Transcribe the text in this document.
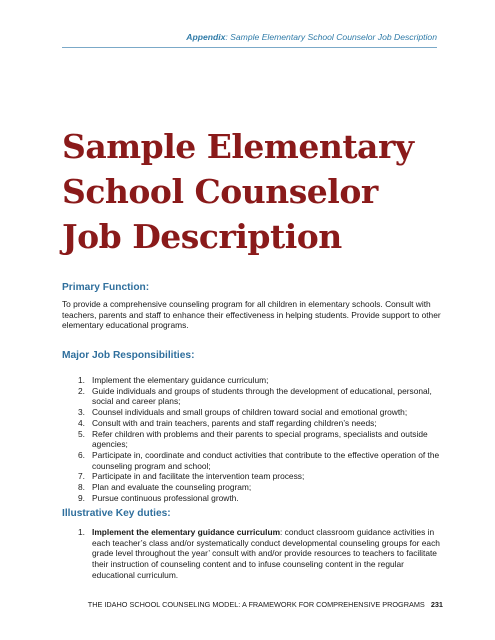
Appendix: Sample Elementary School Counselor Job Description
Sample Elementary
School Counselor
Job Description
Primary Function:
To provide a comprehensive counseling program for all children in elementary schools. Consult with teachers, parents and staff to enhance their effectiveness in helping students. Provide support to other elementary educational programs.
Major Job Responsibilities:
1. Implement the elementary guidance curriculum;
2. Guide individuals and groups of students through the development of educational, personal, social and career plans;
3. Counsel individuals and small groups of children toward social and emotional growth;
4. Consult with and train teachers, parents and staff regarding children’s needs;
5. Refer children with problems and their parents to special programs, specialists and outside agencies;
6. Participate in, coordinate and conduct activities that contribute to the effective operation of the counseling program and school;
7. Participate in and facilitate the intervention team process;
8. Plan and evaluate the counseling program;
9. Pursue continuous professional growth.
Illustrative Key duties:
1. Implement the elementary guidance curriculum: conduct classroom guidance activities in each teacher’s class and/or systematically conduct developmental counseling groups for each grade level throughout the year’ consult with and/or provide resources to teachers to facilitate their instruction of counseling content and to infuse counseling content in the regular educational curriculum.
THE IDAHO SCHOOL COUNSELING MODEL: A FRAMEWORK FOR COMPREHENSIVE PROGRAMS 231
